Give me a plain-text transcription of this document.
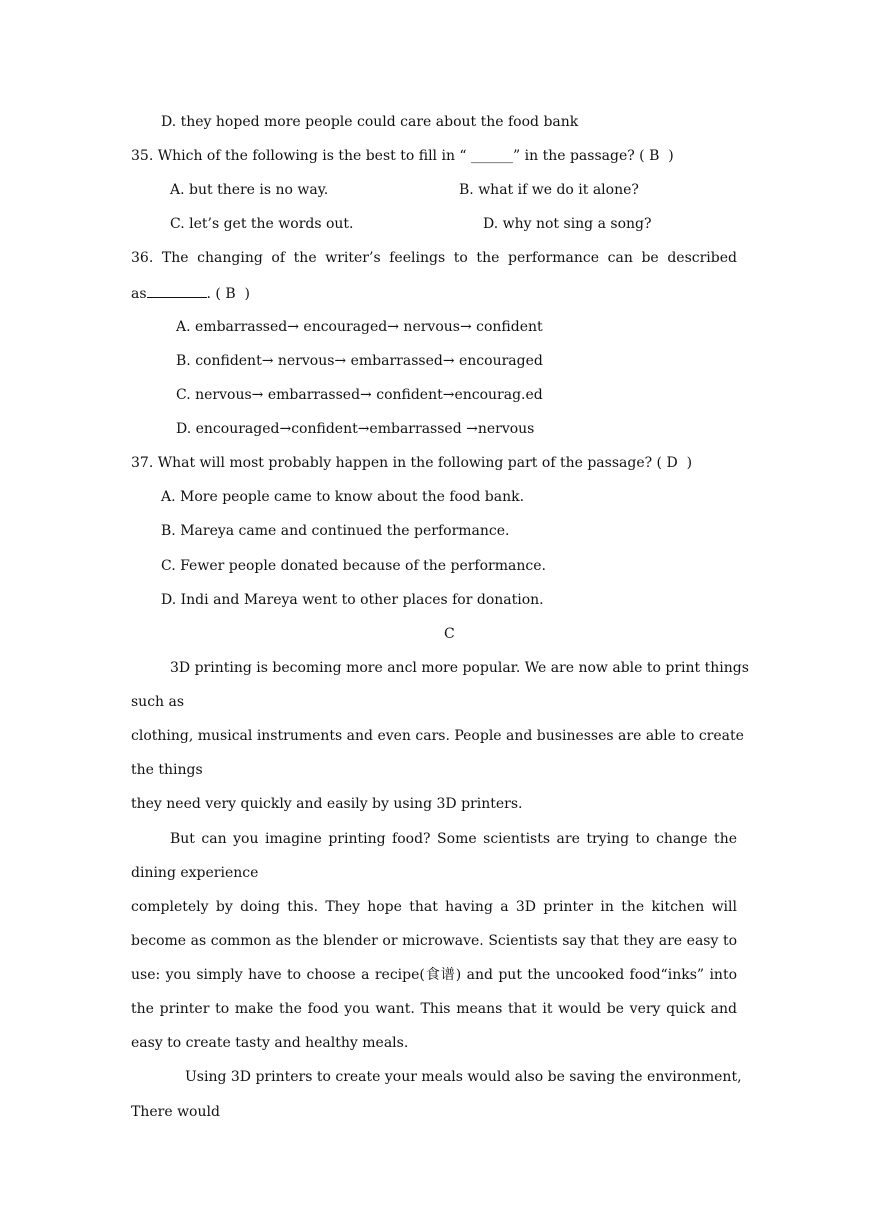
D. they hoped more people could care about the food bank
35. Which of the following is the best to fill in “ ______” in the passage? ( B  )
A. but there is no way.	B. what if we do it alone?
C. let’s get the words out.	D. why not sing a song?
36. The changing of the writer’s feelings to the performance can be described
as	. ( B  )
A. embarrassed→ encouraged→ nervous→ confident
B. confident→ nervous→ embarrassed→ encouraged
C. nervous→ embarrassed→ confident→encourag.ed
D. encouraged→confident→embarrassed →nervous
37. What will most probably happen in the following part of the passage? ( D  )
A. More people came to know about the food bank.
B. Mareya came and continued the performance.
C. Fewer people donated because of the performance.
D. Indi and Mareya went to other places for donation.
C
3D printing is becoming more ancl more popular. We are now able to print things
such as
clothing, musical instruments and even cars. People and businesses are able to create
the things
they need very quickly and easily by using 3D printers.
But can you imagine printing food? Some scientists are trying to change the
dining experience
completely by doing this. They hope that having a 3D printer in the kitchen will
become as common as the blender or microwave. Scientists say that they are easy to
use: you simply have to choose a recipe(食谱) and put the uncooked food“inks” into
the printer to make the food you want. This means that it would be very quick and
easy to create tasty and healthy meals.
Using 3D printers to create your meals would also be saving the environment,
There would
